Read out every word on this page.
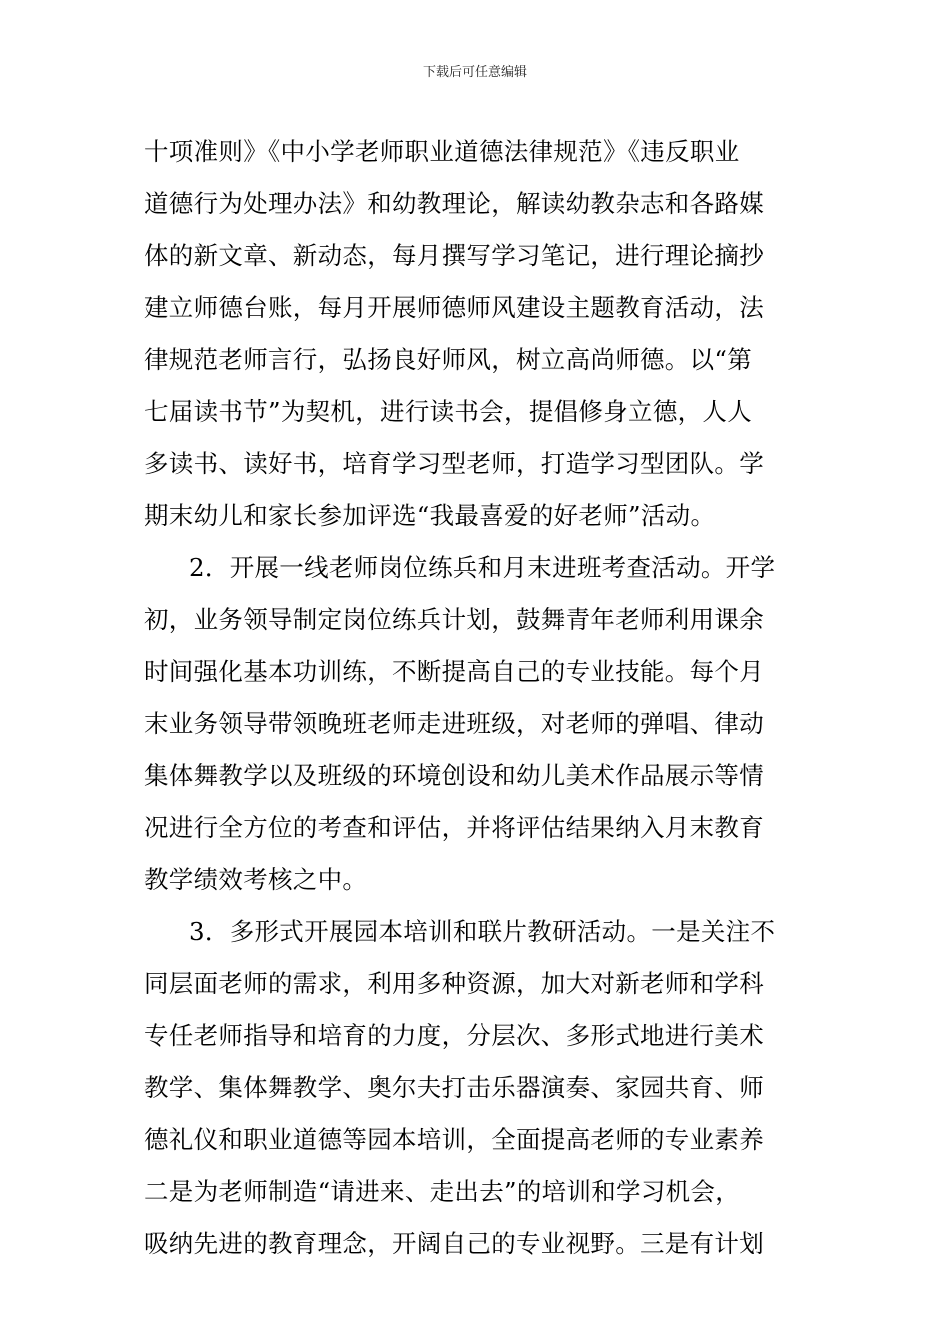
下载后可任意编辑
十项准则》《中小学老师职业道德法律规范》《违反职业
道德行为处理办法》和幼教理论，解读幼教杂志和各路媒
体的新文章、新动态，每月撰写学习笔记，进行理论摘抄
建立师德台账，每月开展师德师风建设主题教育活动，法
律规范老师言行，弘扬良好师风，树立高尚师德。以“第
七届读书节”为契机，进行读书会，提倡修身立德，人人
多读书、读好书，培育学习型老师，打造学习型团队。学
期末幼儿和家长参加评选“我最喜爱的好老师”活动。
2．开展一线老师岗位练兵和月末进班考查活动。开学
初，业务领导制定岗位练兵计划，鼓舞青年老师利用课余
时间强化基本功训练，不断提高自己的专业技能。每个月
末业务领导带领晚班老师走进班级，对老师的弹唱、律动
集体舞教学以及班级的环境创设和幼儿美术作品展示等情
况进行全方位的考查和评估，并将评估结果纳入月末教育
教学绩效考核之中。
3．多形式开展园本培训和联片教研活动。一是关注不
同层面老师的需求，利用多种资源，加大对新老师和学科
专任老师指导和培育的力度，分层次、多形式地进行美术
教学、集体舞教学、奥尔夫打击乐器演奏、家园共育、师
德礼仪和职业道德等园本培训，全面提高老师的专业素养
二是为老师制造“请进来、走出去”的培训和学习机会，
吸纳先进的教育理念，开阔自己的专业视野。三是有计划
